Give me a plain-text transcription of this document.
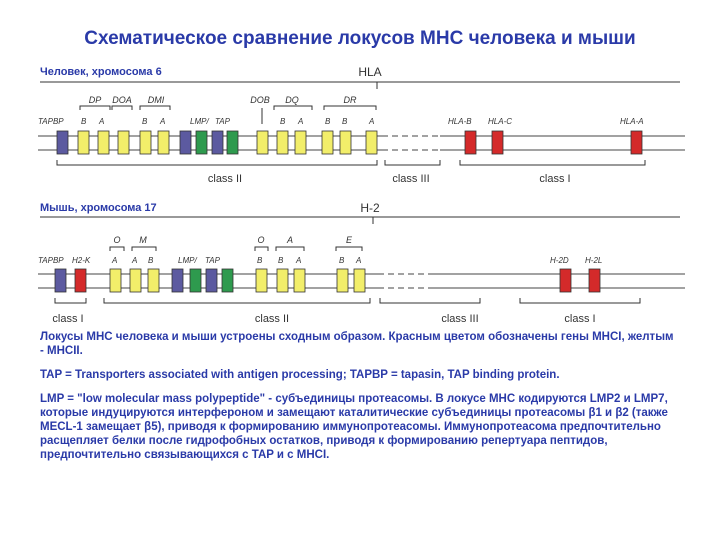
Схематическое сравнение локусов MHC человека и мыши
Человек, хромосома 6
Мышь, хромосома 17
HLA
DP DOA DMI	DOB DQ	DR
TAPBP B A	B A	LMP/ TAP	B A	B B	A	HLA-B HLA-C	HLA-A
class II	class III	class I
H-2
O M	O A	E
TAPBP H2-K	A A B	LMP/ TAP	B B A	B A	H-2D H-2L
class I	class II	class III	class I

Локусы MHC человека и мыши устроены сходным образом. Красным цветом обозначены гены MHCI, желтым - MHCII.

TAP = Transporters associated with antigen processing; TAPBP = tapasin, TAP binding protein.

LMP = "low molecular mass polypeptide" - субъединицы протеасомы. В локусе MHC кодируются LMP2 и LMP7, которые индуцируются интерфероном и замещают каталитические субъединицы протеасомы β1 и β2 (также MECL-1 замещает β5), приводя к формированию иммунопротеасомы. Иммунопротеасома предпочтительно расщепляет белки после гидрофобных остатков, приводя к формированию репертуара пептидов, предпочтительно связывающихся с TAP и с MHCI.
